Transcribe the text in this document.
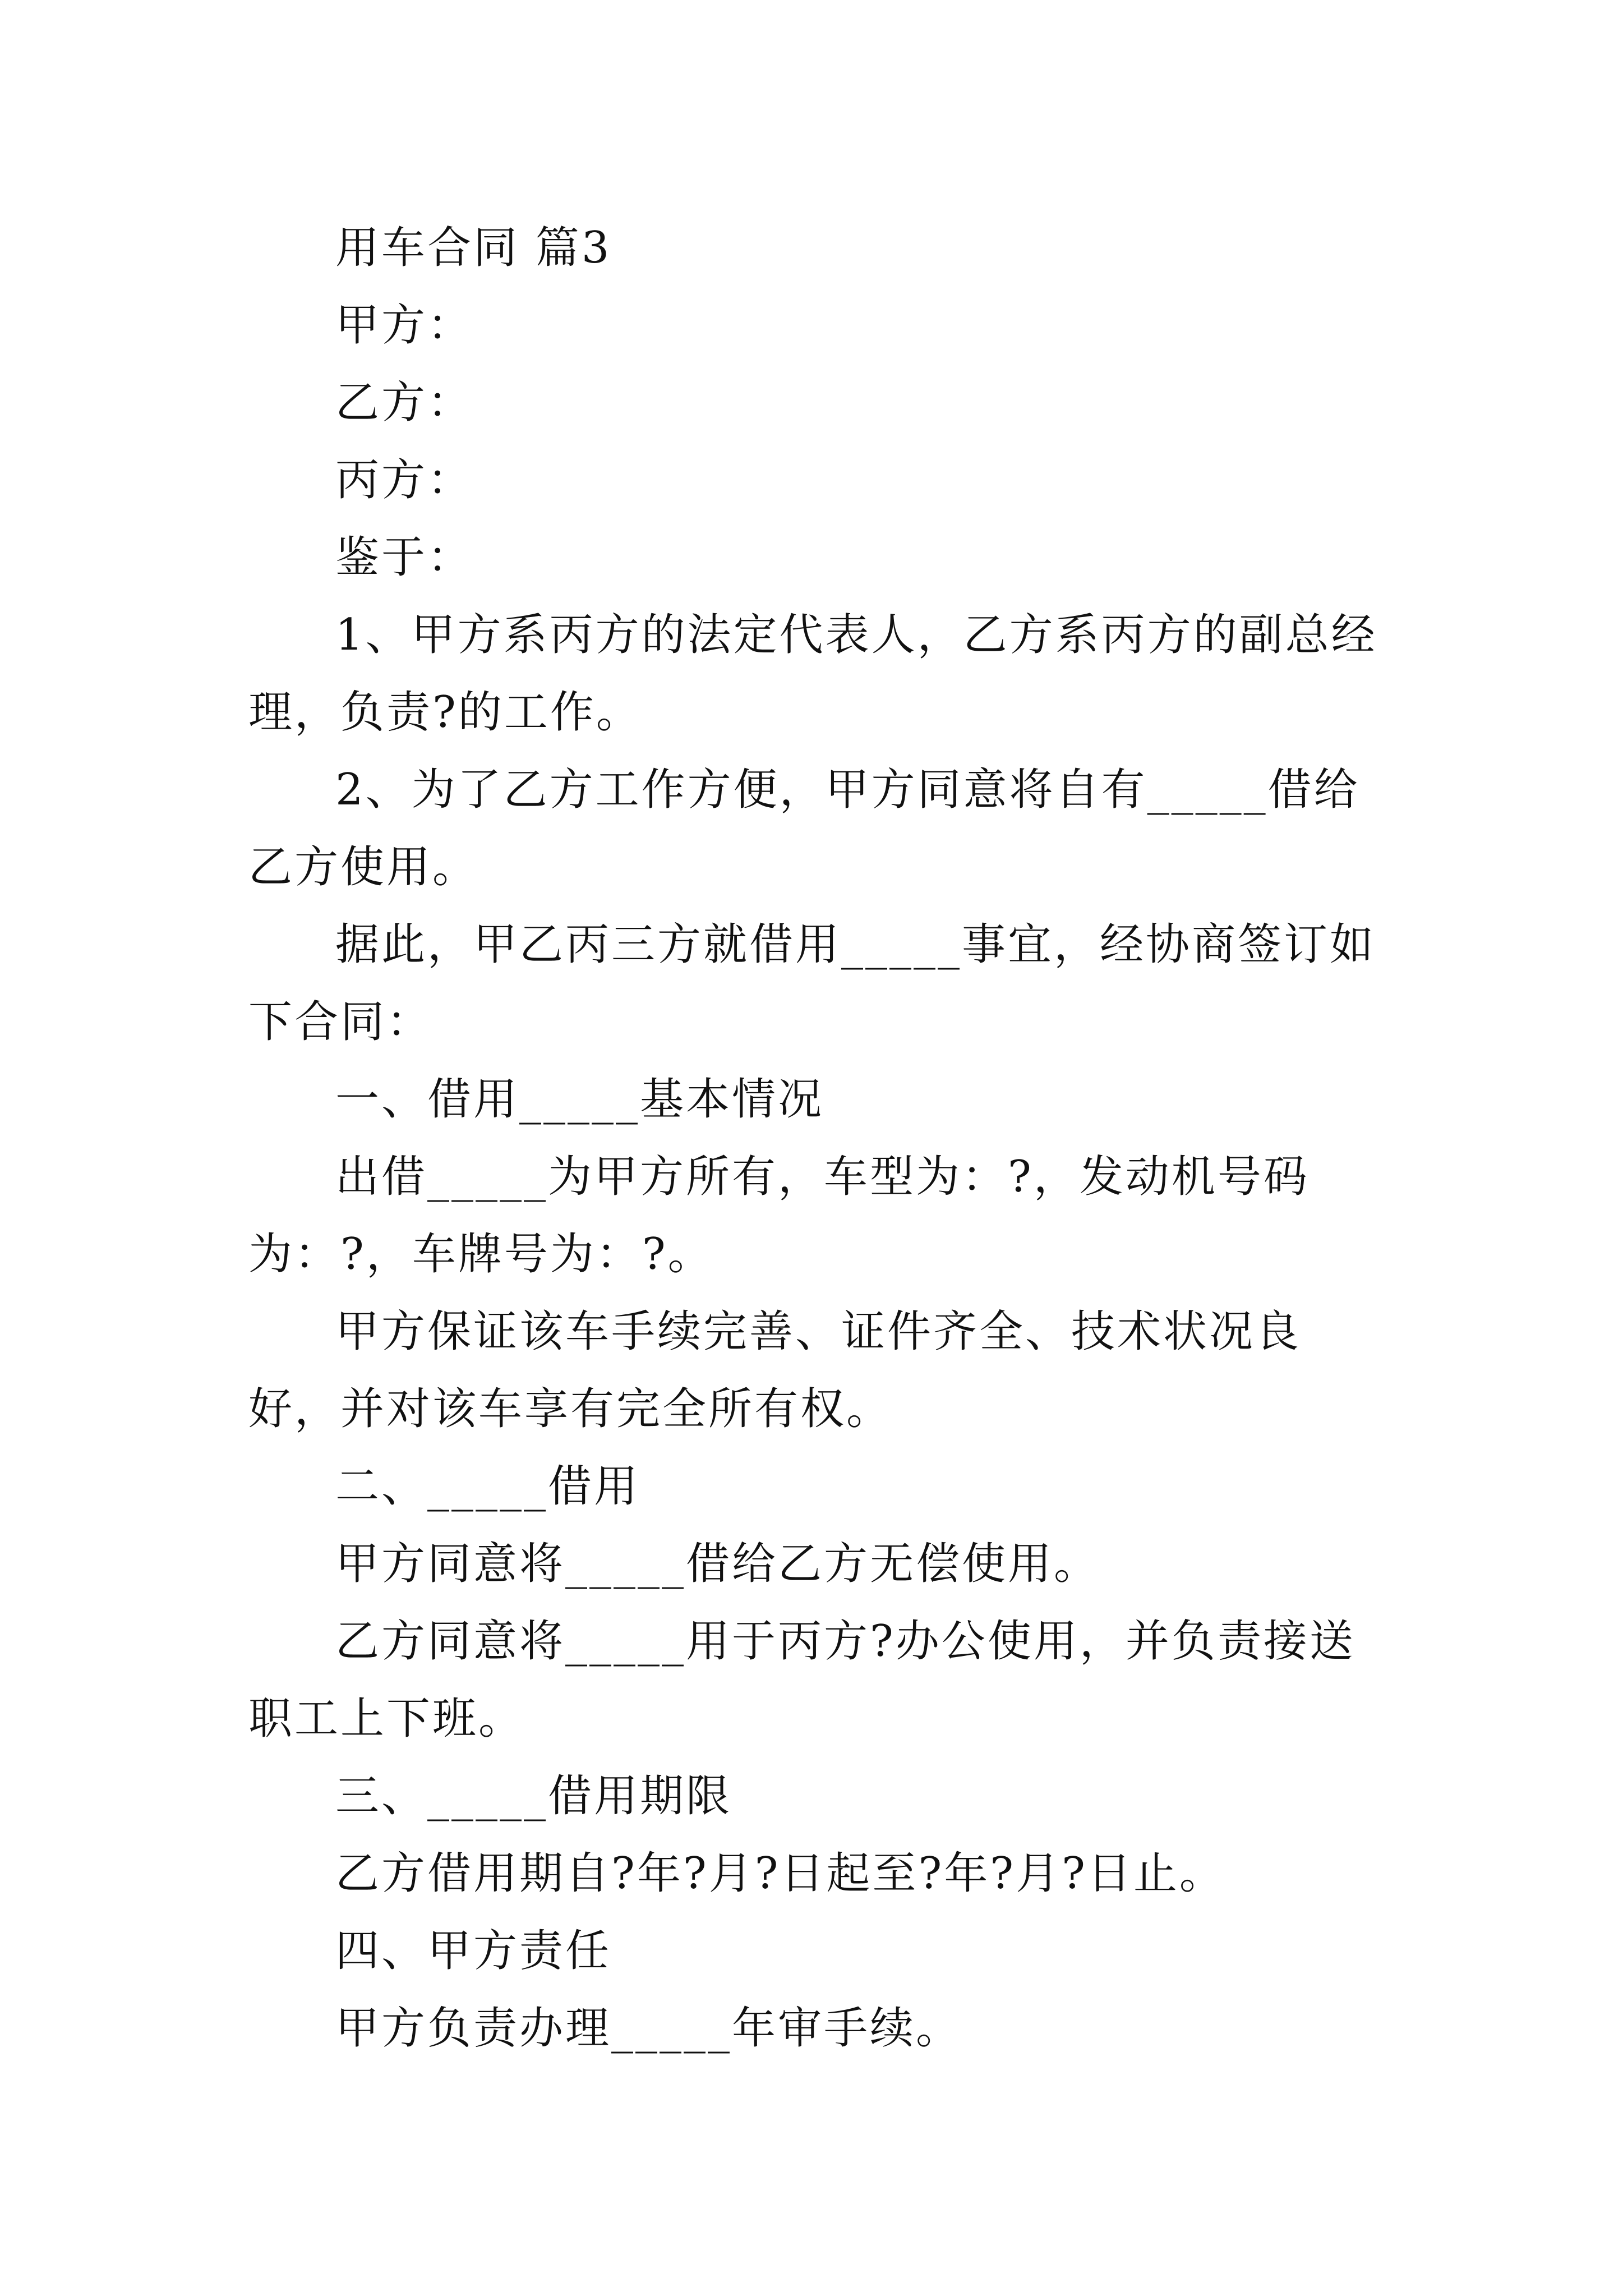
用车合同 篇3

甲方：

乙方：

丙方：

鉴于：

1、甲方系丙方的法定代表人，乙方系丙方的副总经理，负责?的工作。

2、为了乙方工作方便，甲方同意将自有_____借给乙方使用。

据此，甲乙丙三方就借用_____事宜，经协商签订如下合同：

一、借用_____基本情况

出借_____为甲方所有，车型为：?，发动机号码为：?，车牌号为：?。

甲方保证该车手续完善、证件齐全、技术状况良好，并对该车享有完全所有权。

二、_____借用

甲方同意将_____借给乙方无偿使用。

乙方同意将_____用于丙方?办公使用，并负责接送职工上下班。

三、_____借用期限

乙方借用期自?年?月?日起至?年?月?日止。

四、甲方责任

甲方负责办理_____年审手续。
